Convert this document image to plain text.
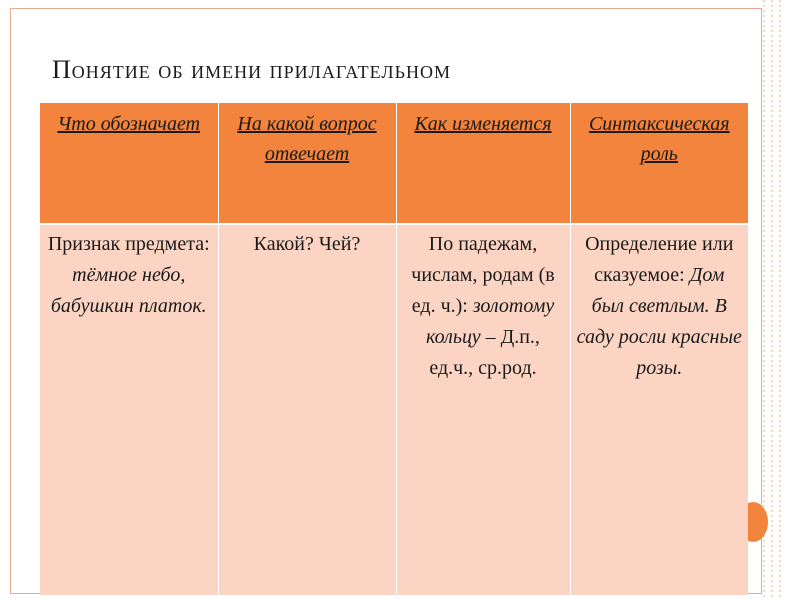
Понятие об имени прилагательном
Что обозначает	На какой вопрос отвечает	Как изменяется	Синтаксическая роль
Признак предмета: тёмное небо, бабушкин платок.	Какой? Чей?	По падежам, числам, родам (в ед. ч.): золотому кольцу – Д.п., ед.ч., ср.род.	Определение или сказуемое: Дом был светлым. В саду росли красные розы.
